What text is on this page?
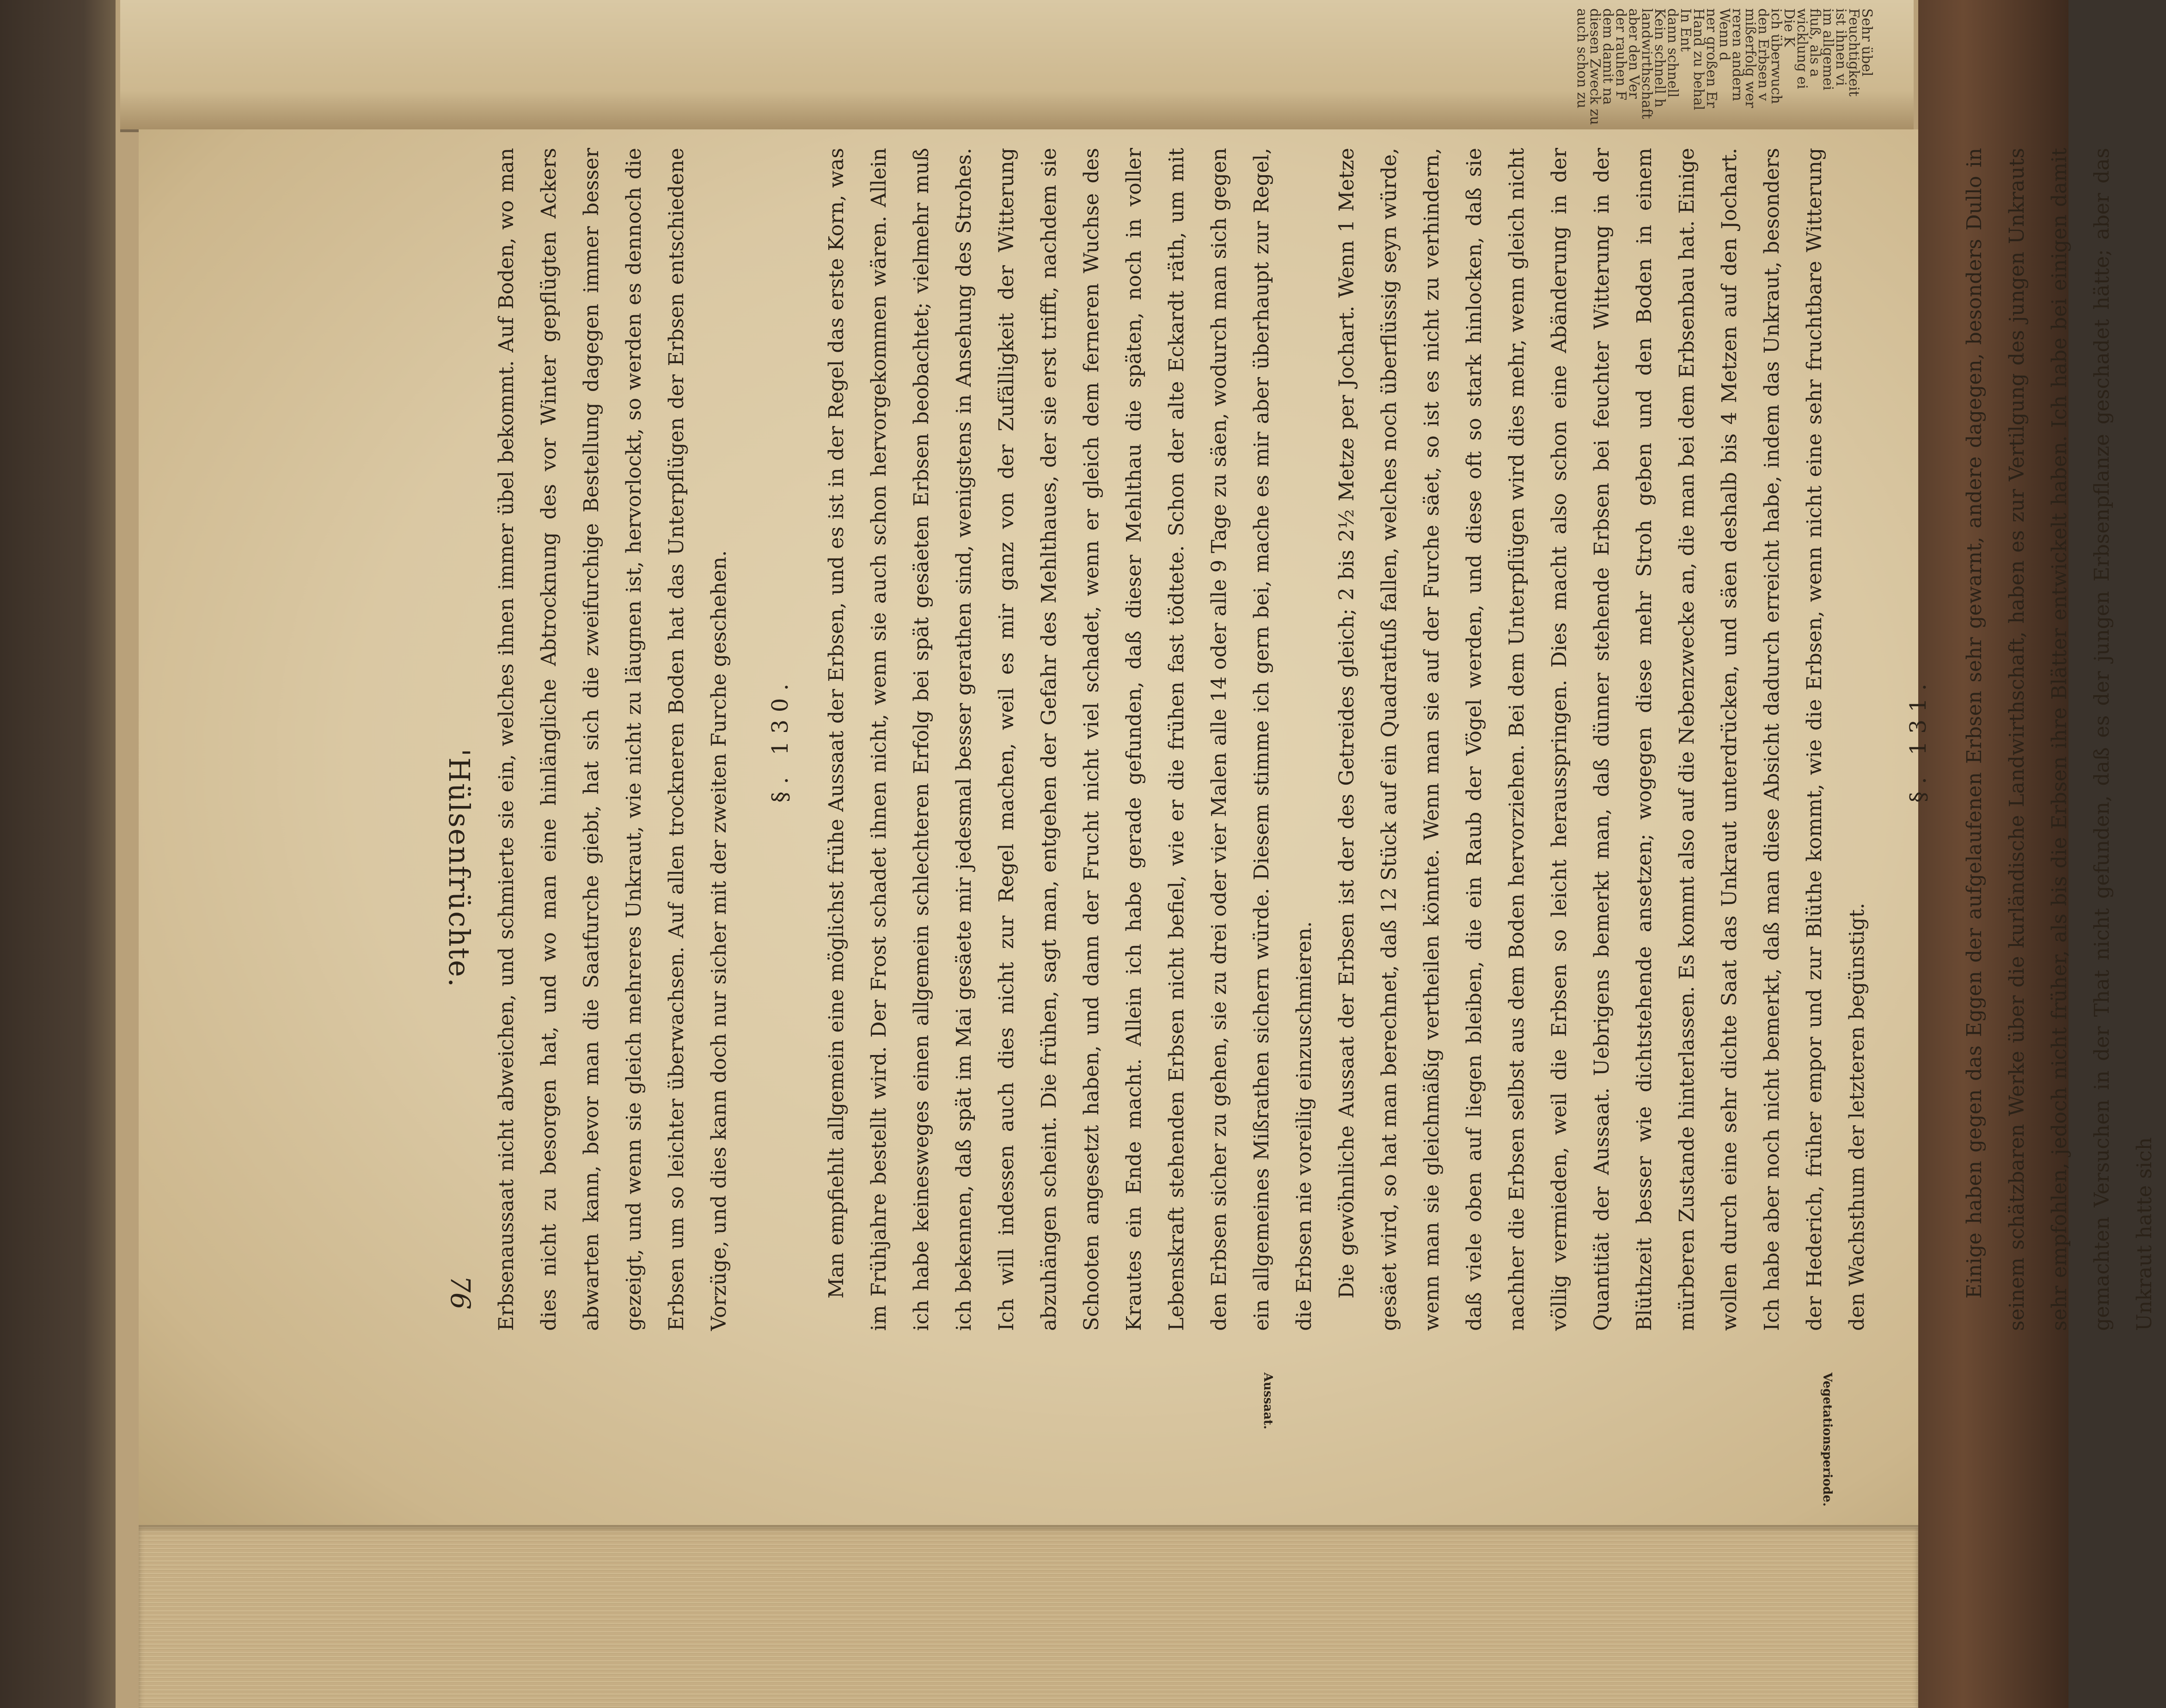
auch schon zu
diesen Zweck zu
dem damit na
der rauhen F
aber den Ver
landwirthschaft
Kein schnell h
dann schnell
In Ent
Hand zu behal
ner großen Er
Wenn d
reren andern
mißerfolg wer
den Erbsen v
ich überwuch
Die K
wicklung ei
fluß, als a
im allgemei
ist ihnen vi
Feuchtigkeit
Sehr übel
76
'Hülsenfrüchte. Erbsenaussaat nicht abweichen, und schmierte sie ein, welches ihnen immer übel bekommt. Auf Boden, wo man dies nicht zu besorgen hat, und wo man eine hinlängliche Abtrocknung des vor Winter gepflügten Ackers abwarten kann, bevor man die Saatfurche giebt, hat sich die zweifurchige Bestellung dagegen immer besser gezeigt, und wenn sie gleich mehreres Unkraut, wie nicht zu läugnen ist, hervorlockt, so werden es dennoch die Erbsen um so leichter überwachsen. Auf allen trockneren Boden hat das Unterpflügen der Erbsen entschiedene Vorzüge, und dies kann doch nur sicher mit der zweiten Furche geschehen.	§. 130.	Man empfiehlt allgemein eine möglichst frühe Aussaat der Erbsen, und es ist in der Regel das erste Korn, was im Frühjahre bestellt wird. Der Frost schadet ihnen nicht, wenn sie auch schon hervorgekommen wären. Allein ich habe keinesweges einen allgemein schlechteren Erfolg bei spät gesäeten Erbsen beobachtet; vielmehr muß ich bekennen, daß spät im Mai gesäete mir jedesmal besser gerathen sind, wenigstens in Ansehung des Strohes. Ich will indessen auch dies nicht zur Regel machen, weil es mir ganz von der Zufälligkeit der Witterung abzuhängen scheint. Die frühen, sagt man, entgehen der Gefahr des Mehlthaues, der sie erst trifft, nachdem sie Schooten angesetzt haben, und dann der Frucht nicht viel schadet, wenn er gleich dem ferneren Wuchse des Krautes ein Ende macht. Allein ich habe gerade gefunden, daß dieser Mehlthau die späten, noch in voller Lebenskraft stehenden Erbsen nicht befiel, wie er die frühen fast tödtete. Schon der alte Eckardt räth, um mit den Erbsen sicher zu gehen, sie zu drei oder vier Malen alle 14 oder alle 9 Tage zu säen, wodurch man sich gegen ein allgemeines Mißrathen sichern würde. Diesem stimme ich gern bei, mache es mir aber überhaupt zur Regel, die Erbsen nie voreilig einzuschmieren. Die gewöhnliche Aussaat der Erbsen ist der des Getreides gleich; 2 bis 2½ Metze per Jochart. Wenn 1 Metze gesäet wird, so hat man berechnet, daß 12 Stück auf ein Quadratfuß fallen, welches noch überflüssig seyn würde, wenn man sie gleichmäßig vertheilen könnte. Wenn man sie auf der Furche säet, so ist es nicht zu verhindern, daß viele oben auf liegen bleiben, die ein Raub der Vögel werden, und diese oft so stark hinlocken, daß sie nachher die Erbsen selbst aus dem Boden hervorziehen. Bei dem Unterpflügen wird dies mehr, wenn gleich nicht völlig vermieden, weil die Erbsen so leicht herausspringen. Dies macht also schon eine Abänderung in der Quantität der Aussaat. Uebrigens bemerkt man, daß dünner stehende Erbsen bei feuchter Witterung in der Blüthzeit besser wie dichtstehende ansetzen; wogegen diese mehr Stroh geben und den Boden in einem mürberen Zustande hinterlassen. Es kommt also auf die Nebenzwecke an, die man bei dem Erbsenbau hat. Einige wollen durch eine sehr dichte Saat das Unkraut unterdrücken, und säen deshalb bis 4 Metzen auf den Jochart. Ich habe aber noch nicht bemerkt, daß man diese Absicht dadurch erreicht habe, indem das Unkraut, besonders der Hederich, früher empor und zur Blüthe kommt, wie die Erbsen, wenn nicht eine sehr fruchtbare Witterung den Wachsthum der letzteren begünstigt.

§. 131.	Einige haben gegen das Eggen der aufgelaufenen Erbsen sehr gewarnt, andere dagegen, besonders Dullo in seinem schätzbaren Werke über die kurländische Landwirthschaft, haben es zur Vertilgung des jungen Unkrauts sehr empfohlen, jedoch nicht früher, als bis die Erbsen ihre Blätter entwickelt haben. Ich habe bei einigen damit gemachten Versuchen in der That nicht gefunden, daß es der jungen Erbsenpflanze geschadet hätte; aber das Unkraut hatte sich

Aussaat.	Vegetationsperiode.
